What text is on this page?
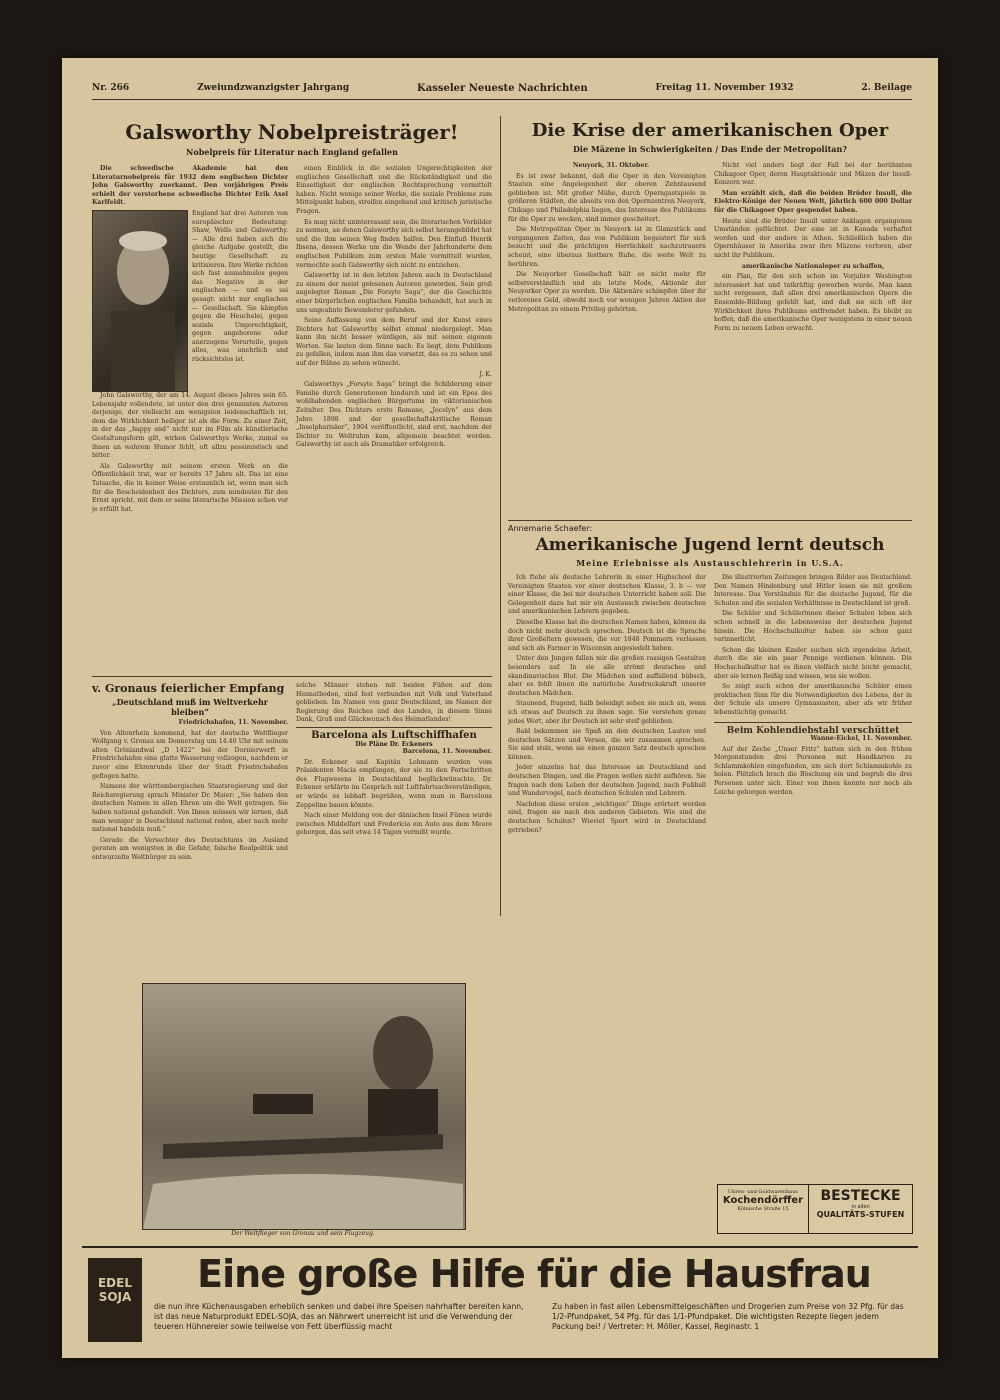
Nr. 266	Zweiundzwanzigster Jahrgang	Kasseler Neueste Nachrichten	Freitag 11. November 1932	2. Beilage
Galsworthy Nobelpreisträger!
Nobelpreis für Literatur nach England gefallen

Die schwedische Akademie hat den Literaturnobelpreis für 1932 dem englischen Dichter John Galsworthy zuerkannt. Den vorjährigen Preis erhielt der verstorbene schwedische Dichter Erik Axel Karlfeldt.

England hat drei Autoren von europäischer Bedeutung: Shaw, Wells und Galsworthy. — Alle drei haben sich die gleiche Aufgabe gestellt, die heutige Gesellschaft zu kritisieren. Ihre Werke richten sich fast ausnahmslos gegen das Negative in der englischen — und es sei gesagt: nicht nur englischen — Gesellschaft. Sie kämpfen gegen die Heuchelei, gegen soziale Ungerechtigkeit, gegen angeborene oder anerzogene Vorurteile, gegen alles, was unehrlich und rücksichtslos ist.

John Galsworthy, der am 14. August dieses Jahres sein 65. Lebensjahr vollendete, ist unter den drei genannten Autoren derjenige, der vielleicht am wenigsten leidenschaftlich ist, dem die Wirklichkeit heiliger ist als die Form. Zu einer Zeit, in der das „happy end“ nicht nur im Film als künstlerische Gestaltungsform gilt, wirken Galsworthys Werke, zumal es ihnen an wahrem Humor fehlt, oft allzu pessimistisch und bitter.

Als Galsworthy mit seinem ersten Werk an die Öffentlichkeit trat, war er bereits 37 Jahre alt. Das ist eine Tatsache, die in keiner Weise erstaunlich ist, wenn man sich für die Bescheidenheit des Dichters, zum mindesten für den Ernst spricht, mit dem er seine literarische Mission schon vor je erfüllt hat.

einen Einblick in die sozialen Ungerechtigkeiten der englischen Gesellschaft und die Rückständigkeit und die Einseitigkeit der englischen Rechtsprechung vermittelt haben. Nicht wenige seiner Werke, die soziale Probleme zum Mittelpunkt haben, streifen eingehend und kritisch juristische Fragen.

Es mag nicht uninteressant sein, die literarischen Vorbilder zu nennen, an denen Galsworthy sich selbst herangebildet hat und die ihm seinen Weg finden halfen. Den Einfluß Henrik Ibsens, dessen Werke um die Wende der Jahrhunderte dem englischen Publikum zum ersten Male vermittelt wurden, vermochte auch Galsworthy sich nicht zu entziehen.

Galsworthy ist in den letzten Jahren auch in Deutschland zu einem der meist gelesenen Autoren geworden. Sein groß angelegter Roman „Die Forsyte Saga“, der die Geschichte einer bürgerlichen englischen Familie behandelt, hat auch in uns ungeahnte Bewunderer gefunden.

Seine Auffassung von dem Beruf und der Kunst eines Dichters hat Galsworthy selbst einmal niedergelegt. Man kann ihn nicht besser würdigen, als mit seinen eigenen Worten. Sie lauten dem Sinne nach: Es liegt, dem Publikum zu gefallen, indem man ihm das vorsetzt, das es zu sehen und auf der Bühne zu sehen wünscht.

J. K.

Galsworthys „Forsyte Saga“ bringt die Schilderung einer Familie durch Generationen hindurch und ist ein Epos des wohlhabenden englischen Bürgertums im viktorianischen Zeitalter. Des Dichters erste Romane, „Jocelyn“ aus dem Jahre 1898 und der gesellschaftskritische Roman „Inselpharisäer“, 1904 veröffentlicht, sind erst, nachdem der Dichter zu Weltruhm kam, allgemein beachtet worden. Galsworthy ist auch als Dramatiker erfolgreich.

Die Krise der amerikanischen Oper
Die Mäzene in Schwierigkeiten / Das Ende der Metropolitan?

Neuyork, 31. Oktober.

Es ist zwar bekannt, daß die Oper in den Vereinigten Staaten eine Angelegenheit der oberen Zehntausend geblieben ist. Mit großer Mühe, durch Operngastspiele in größeren Städten, die abseits von den Opernzentren Neuyork, Chikago und Philadelphia liegen, das Interesse des Publikums für die Oper zu wecken, sind immer gescheitert.

Die Metropolitan Oper in Neuyork ist in Glanzstück und vergangenen Zeiten, das von Publikum begeistert für sich besucht und die prächtigen Herrlichkeit nachzutrauern scheint, eine überaus festbare Ruhe, die weite Welt zu berühren.

Die Neuyorker Gesellschaft hält es nicht mehr für selbstverständlich und als letzte Mode, Aktionär der Neuyorker Oper zu werden. Die Aktionäre schimpfen über ihr verlorenes Geld, obwohl noch vor wenigen Jahren Aktien der Metropolitan zu einem Privileg gehörten.

Nicht viel anders liegt der Fall bei der berühmten Chikagoer Oper, deren Hauptaktionär und Mäzen der Insull-Konzern war.

Man erzählt sich, daß die beiden Brüder Insull, die Elektro-Könige der Neuen Welt, jährlich 600 000 Dollar für die Chikagoer Oper gespendet haben.

Heute sind die Brüder Insull unter Anklagen ergangenen Umständen geflüchtet. Der eine ist in Kanada verhaftet worden und der andere in Athen. Schließlich haben die Opernhäuser in Amerika zwar ihre Mäzene verloren, aber nicht ihr Publikum.

amerikanische Nationaloper zu schaffen,

ein Plan, für den sich schon im Vorjahre Washington interessiert hat und tatkräftig geworben wurde. Man kann nicht vergessen, daß allen drei amerikanischen Opern die Ensemble-Bildung gefehlt hat, und daß sie sich oft der Wirklichkeit ihres Publikums entfremdet haben. Es bleibt zu hoffen, daß die amerikanische Oper wenigstens in einer neuen Form zu neuem Leben erwacht.

Annemarie Schaefer:
Amerikanische Jugend lernt deutsch
Meine Erlebnisse als Austauschlehrerin in U.S.A.

Ich ftehe als deutsche Lehrerin in einer Highschool der Vereinigten Staaten vor einer deutschen Klasse, 3. b — vor einer Klasse, die bei mir deutschen Unterricht haben soll. Die Gelegenheit dazu hat mir ein Austausch zwischen deutschen und amerikanischen Lehrern gegeben.

Dieselbe Klasse hat die deutschen Namen haben, können da doch nicht mehr deutsch sprechen. Deutsch ist die Sprache ihrer Großeltern gewesen, die vor 1848 Pommern verlassen und sich als Farmer in Wisconsin angesiedelt haben.

Unter den Jungen fallen mir die großen rassigen Gestalten besonders auf. In sie alle strömt deutsches und skandinavisches Blut. Die Mädchen sind auffallend hübsch, aber es fehlt ihnen die natürliche Ausdruckskraft unserer deutschen Mädchen.

Staunend, fragend, halb beleidigt sehen sie mich an, wenn ich etwas auf Deutsch zu ihnen sage. Sie verstehen genau jedes Wort, aber ihr Deutsch ist sehr steif geblieben.

Bald bekommen sie Spaß an den deutschen Lauten und deutschen Sätzen und Versen, die wir zusammen sprechen. Sie sind stolz, wenn sie einen ganzen Satz deutsch sprechen können.

Jeder einzelne hat das Interesse an Deutschland und deutschen Dingen, und die Fragen wollen nicht aufhören. Sie fragen nach dem Leben der deutschen Jugend, nach Fußball und Wandervogel, nach deutschen Schulen und Lehrern.

Nachdem diese ersten „wichtigen“ Dinge erörtert worden sind, fragen sie nach den anderen Gebieten. Wie sind die deutschen Schulen? Wieviel Sport wird in Deutschland getrieben?

Die illustrierten Zeitungen bringen Bilder aus Deutschland. Den Namen Hindenburg und Hitler lesen sie mit großem Interesse. Das Verständnis für die deutsche Jugend, für die Schulen und die sozialen Verhältnisse in Deutschland ist groß.

Die Schüler und Schülerinnen dieser Schulen leben sich schon schnell in die Lebensweise der deutschen Jugend hinein. Die Hochschulkultur haben sie schon ganz verinnerlicht.

Schon die kleinen Kinder suchen sich irgendeine Arbeit, durch die sie ein paar Pennige verdienen können. Die Hochschulkultur hat es ihnen vielfach nicht leicht gemacht, aber sie lernen fleißig und wissen, was sie wollen.

So zeigt auch schon der amerikanische Schüler einen praktischen Sinn für die Notwendigkeiten des Lebens, der in der Schule als unsere Gymnasiasten, aber als wir früher lebenstüchtig gemacht.

Beim Kohlendiebstahl verschüttet

Wanne-Eickel, 11. November.

Auf der Zeche „Unser Fritz“ hatten sich in den frühen Morgenstunden drei Personen mit Handkarren zu Schlammkohlen eingefunden, um sich dort Schlammkohle zu holen. Plötzlich brach die Böschung ein und begrub die drei Personen unter sich. Einer von ihnen konnte nur noch als Leiche geborgen werden.

Uhren- und Goldwarenhaus
Kochendörffer
Kölnische Straße 15
BESTECKE
in allen
QUALITÄTS-STUFEN
v. Gronaus feierlicher Empfang
„Deutschland muß im Weltverkehr bleiben“

Friedrichshafen, 11. November.

Von Altenrhein kommend, hat der deutsche Weltflieger Wolfgang v. Gronau am Donnerstag um 14.40 Uhr mit seinem alten Grönlandwal „D 1422“ bei der Dornierwerft in Friedrichshafen eine glatte Wasserung vollzogen, nachdem er zuvor eine Ehrenrunde über der Stadt Friedrichshafen geflogen hatte.

Namens der württembergischen Staatsregierung und der Reichsregierung sprach Minister Dr. Maier: „Sie haben den deutschen Namen in allen Ehren um die Welt getragen. Sie haben national gehandelt. Von Ihnen müssen wir lernen, daß man weniger in Deutschland national reden, aber nach mehr national handeln muß.“

Gerade die Versechter des Deutschtums im Ausland geraten am wenigsten in die Gefahr, falsche Realpolitik und entwurzelte Weltbürger zu sein.

solche Männer stehen mit beiden Füßen auf dem Heimatboden, sind fest verbunden mit Volk und Vaterland geblieben. Im Namen von ganz Deutschland, im Namen der Regierung des Reiches und des Landes, in diesem Sinne Dank, Gruß und Glückwunsch des Heimatlandes!

Barcelona als Luftschiffhafen
Die Pläne Dr. Eckeners

Barcelona, 11. November.

Dr. Eckener und Kapitän Lehmann wurden vom Präsidenten Macia empfangen, der sie zu den Fortschritten des Flugwesens in Deutschland beglückwünschte. Dr. Eckener erklärte im Gespräch mit Luftfahrtsachverständigen, er würde es lebhaft begrüßen, wenn man in Barcelona Zeppeline bauen könnte.

Nach einer Meldung von der dänischen Insel Fünen wurde zwischen Middelfart und Fredericia ein Auto aus dem Meere geborgen, das seit etwa 14 Tagen vermißt wurde.

Der Weltflieger von Gronau und sein Flugzeug.
EDEL SOJA
Eine große Hilfe für die Hausfrau
die nun ihre Küchenausgaben erheblich senken und dabei ihre Speisen nahrhafter bereiten kann, ist das neue Naturprodukt EDEL-SOJA, das an Nährwert unerreicht ist und die Verwendung der teueren Hühnereier sowie teilweise von Fett überflüssig macht
Zu haben in fast allen Lebensmittelgeschäften und Drogerien zum Preise von 32 Pfg. für das 1/2-Pfundpaket, 54 Pfg. für das 1/1-Pfundpaket. Die wichtigsten Rezepte liegen jedem Packung bei! / Vertreter: H. Möller, Kassel, Reginastr. 1
